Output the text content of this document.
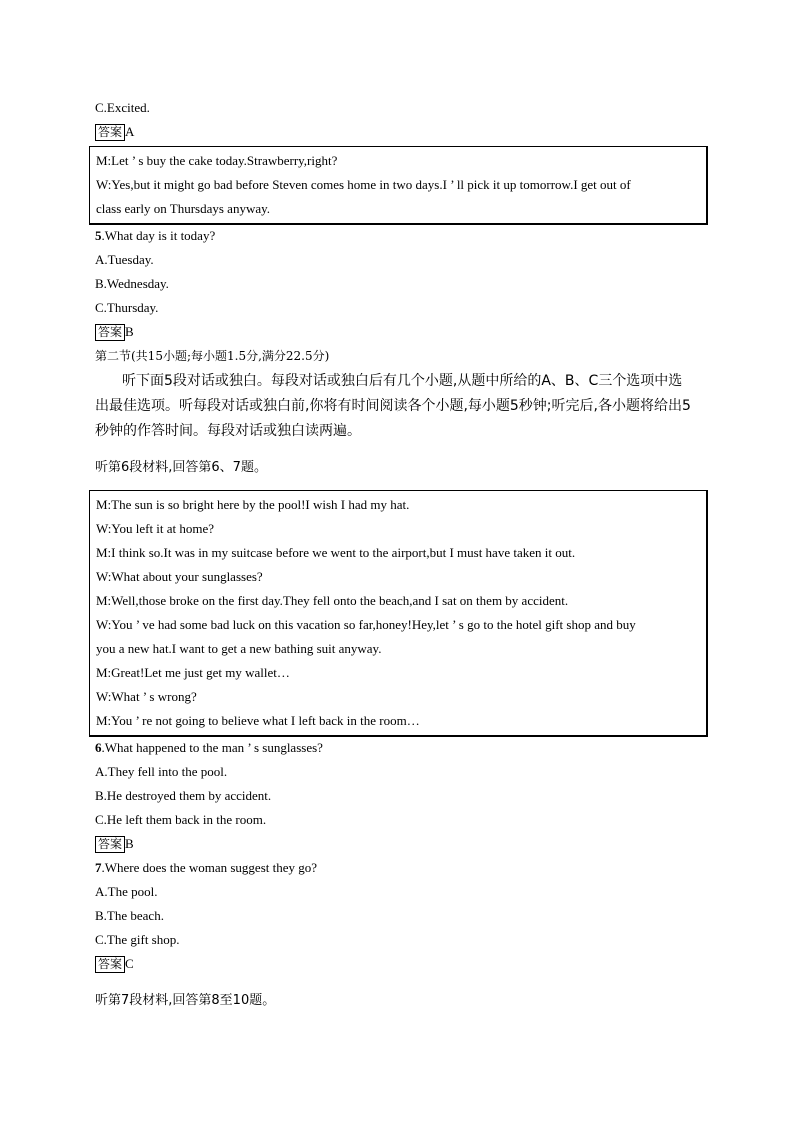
C.Excited.
答案 A
M:Let ’ s buy the cake today.Strawberry,right?
W:Yes,but it might go bad before Steven comes home in two days.I ’ ll pick it up tomorrow.I get out of
class early on Thursdays anyway.
5.What day is it today?
A.Tuesday.
B.Wednesday.
C.Thursday.
答案 B
第二节(共15小题;每小题1.5分,满分22.5分)
听下面5段对话或独白。每段对话或独白后有几个小题,从题中所给的A、B、C三个选项中选
出最佳选项。听每段对话或独白前,你将有时间阅读各个小题,每小题5秒钟;听完后,各小题将给出5
秒钟的作答时间。每段对话或独白读两遍。
听第6段材料,回答第6、7题。
M:The sun is so bright here by the pool!I wish I had my hat.
W:You left it at home?
M:I think so.It was in my suitcase before we went to the airport,but I must have taken it out.
W:What about your sunglasses?
M:Well,those broke on the first day.They fell onto the beach,and I sat on them by accident.
W:You ’ ve had some bad luck on this vacation so far,honey!Hey,let ’ s go to the hotel gift shop and buy
you a new hat.I want to get a new bathing suit anyway.
M:Great!Let me just get my wallet…
W:What ’ s wrong?
M:You ’ re not going to believe what I left back in the room…
6.What happened to the man ’ s sunglasses?
A.They fell into the pool.
B.He destroyed them by accident.
C.He left them back in the room.
答案 B
7.Where does the woman suggest they go?
A.The pool.
B.The beach.
C.The gift shop.
答案 C
听第7段材料,回答第8至10题。
